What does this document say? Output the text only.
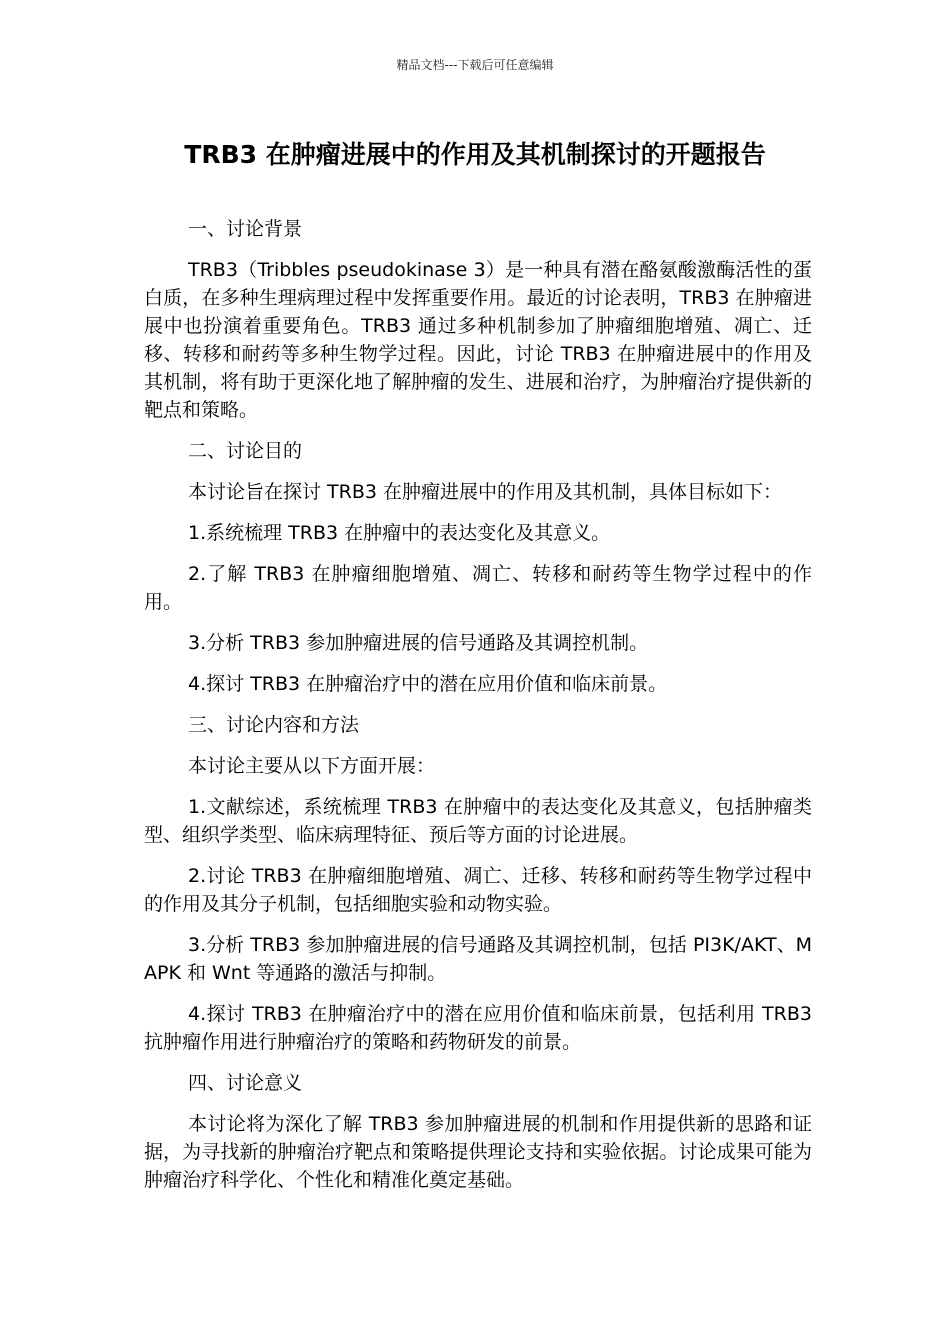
精品文档---下载后可任意编辑
TRB3 在肿瘤进展中的作用及其机制探讨的开题报告

一、讨论背景

TRB3（Tribbles pseudokinase 3）是一种具有潜在酪氨酸激酶活性的蛋白质，在多种生理病理过程中发挥重要作用。最近的讨论表明，TRB3 在肿瘤进展中也扮演着重要角色。TRB3 通过多种机制参加了肿瘤细胞增殖、凋亡、迁移、转移和耐药等多种生物学过程。因此，讨论 TRB3 在肿瘤进展中的作用及其机制，将有助于更深化地了解肿瘤的发生、进展和治疗，为肿瘤治疗提供新的靶点和策略。

二、讨论目的

本讨论旨在探讨 TRB3 在肿瘤进展中的作用及其机制，具体目标如下：

1.系统梳理 TRB3 在肿瘤中的表达变化及其意义。

2.了解 TRB3 在肿瘤细胞增殖、凋亡、转移和耐药等生物学过程中的作用。

3.分析 TRB3 参加肿瘤进展的信号通路及其调控机制。

4.探讨 TRB3 在肿瘤治疗中的潜在应用价值和临床前景。

三、讨论内容和方法

本讨论主要从以下方面开展：

1.文献综述，系统梳理 TRB3 在肿瘤中的表达变化及其意义，包括肿瘤类型、组织学类型、临床病理特征、预后等方面的讨论进展。

2.讨论 TRB3 在肿瘤细胞增殖、凋亡、迁移、转移和耐药等生物学过程中的作用及其分子机制，包括细胞实验和动物实验。

3.分析 TRB3 参加肿瘤进展的信号通路及其调控机制，包括 PI3K/AKT、MAPK 和 Wnt 等通路的激活与抑制。

4.探讨 TRB3 在肿瘤治疗中的潜在应用价值和临床前景，包括利用 TRB3 抗肿瘤作用进行肿瘤治疗的策略和药物研发的前景。

四、讨论意义

本讨论将为深化了解 TRB3 参加肿瘤进展的机制和作用提供新的思路和证据，为寻找新的肿瘤治疗靶点和策略提供理论支持和实验依据。讨论成果可能为肿瘤治疗科学化、个性化和精准化奠定基础。
